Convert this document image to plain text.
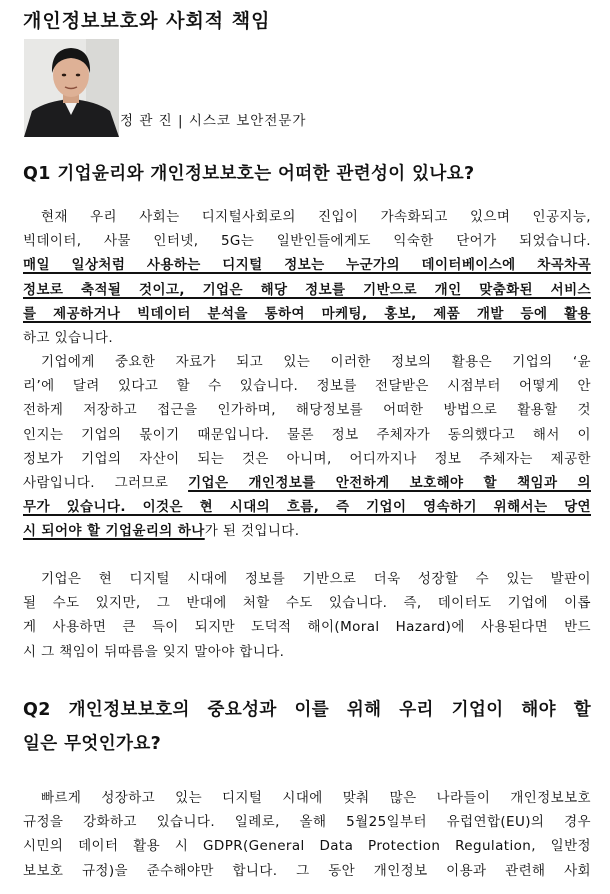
개인정보보호와 사회적 책임

정 관 진 | 시스코 보안전문가

Q1 기업윤리와 개인정보보호는 어떠한 관련성이 있나요?
현재 우리 사회는 디지털사회로의 진입이 가속화되고 있으며 인공지능,
빅데이터, 사물 인터넷, 5G는 일반인들에게도 익숙한 단어가 되었습니다.
매일 일상처럼 사용하는 디지털 정보는 누군가의 데이터베이스에 차곡차곡
정보로 축적될 것이고, 기업은 해당 정보를 기반으로 개인 맞춤화된 서비스
를 제공하거나 빅데이터 분석을 통하여 마케팅, 홍보, 제품 개발 등에 활용
하고 있습니다.
기업에게 중요한 자료가 되고 있는 이러한 정보의 활용은 기업의 ‘윤
리’에 달려 있다고 할 수 있습니다. 정보를 전달받은 시점부터 어떻게 안
전하게 저장하고 접근을 인가하며, 해당정보를 어떠한 방법으로 활용할 것
인지는 기업의 몫이기 때문입니다. 물론 정보 주체자가 동의했다고 해서 이
정보가 기업의 자산이 되는 것은 아니며, 어디까지나 정보 주체자는 제공한
사람입니다. 그러므로 기업은 개인정보를 안전하게 보호해야 할 책임과 의
무가 있습니다. 이것은 현 시대의 흐름, 즉 기업이 영속하기 위해서는 당연
시 되어야 할 기업윤리의 하나가 된 것입니다.
기업은 현 디지털 시대에 정보를 기반으로 더욱 성장할 수 있는 발판이
될 수도 있지만, 그 반대에 처할 수도 있습니다. 즉, 데이터도 기업에 이롭
게 사용하면 큰 득이 되지만 도덕적 해이(Moral Hazard)에 사용된다면 반드
시 그 책임이 뒤따름을 잊지 말아야 합니다.
Q2 개인정보보호의 중요성과 이를 위해 우리 기업이 해야 할
일은 무엇인가요?
빠르게 성장하고 있는 디지털 시대에 맞춰 많은 나라들이 개인정보보호
규정을 강화하고 있습니다. 일례로, 올해 5월25일부터 유럽연합(EU)의 경우
시민의 데이터 활용 시 GDPR(General Data Protection Regulation, 일반정
보보호 규정)을 준수해야만 합니다. 그 동안 개인정보 이용과 관련해 사회
